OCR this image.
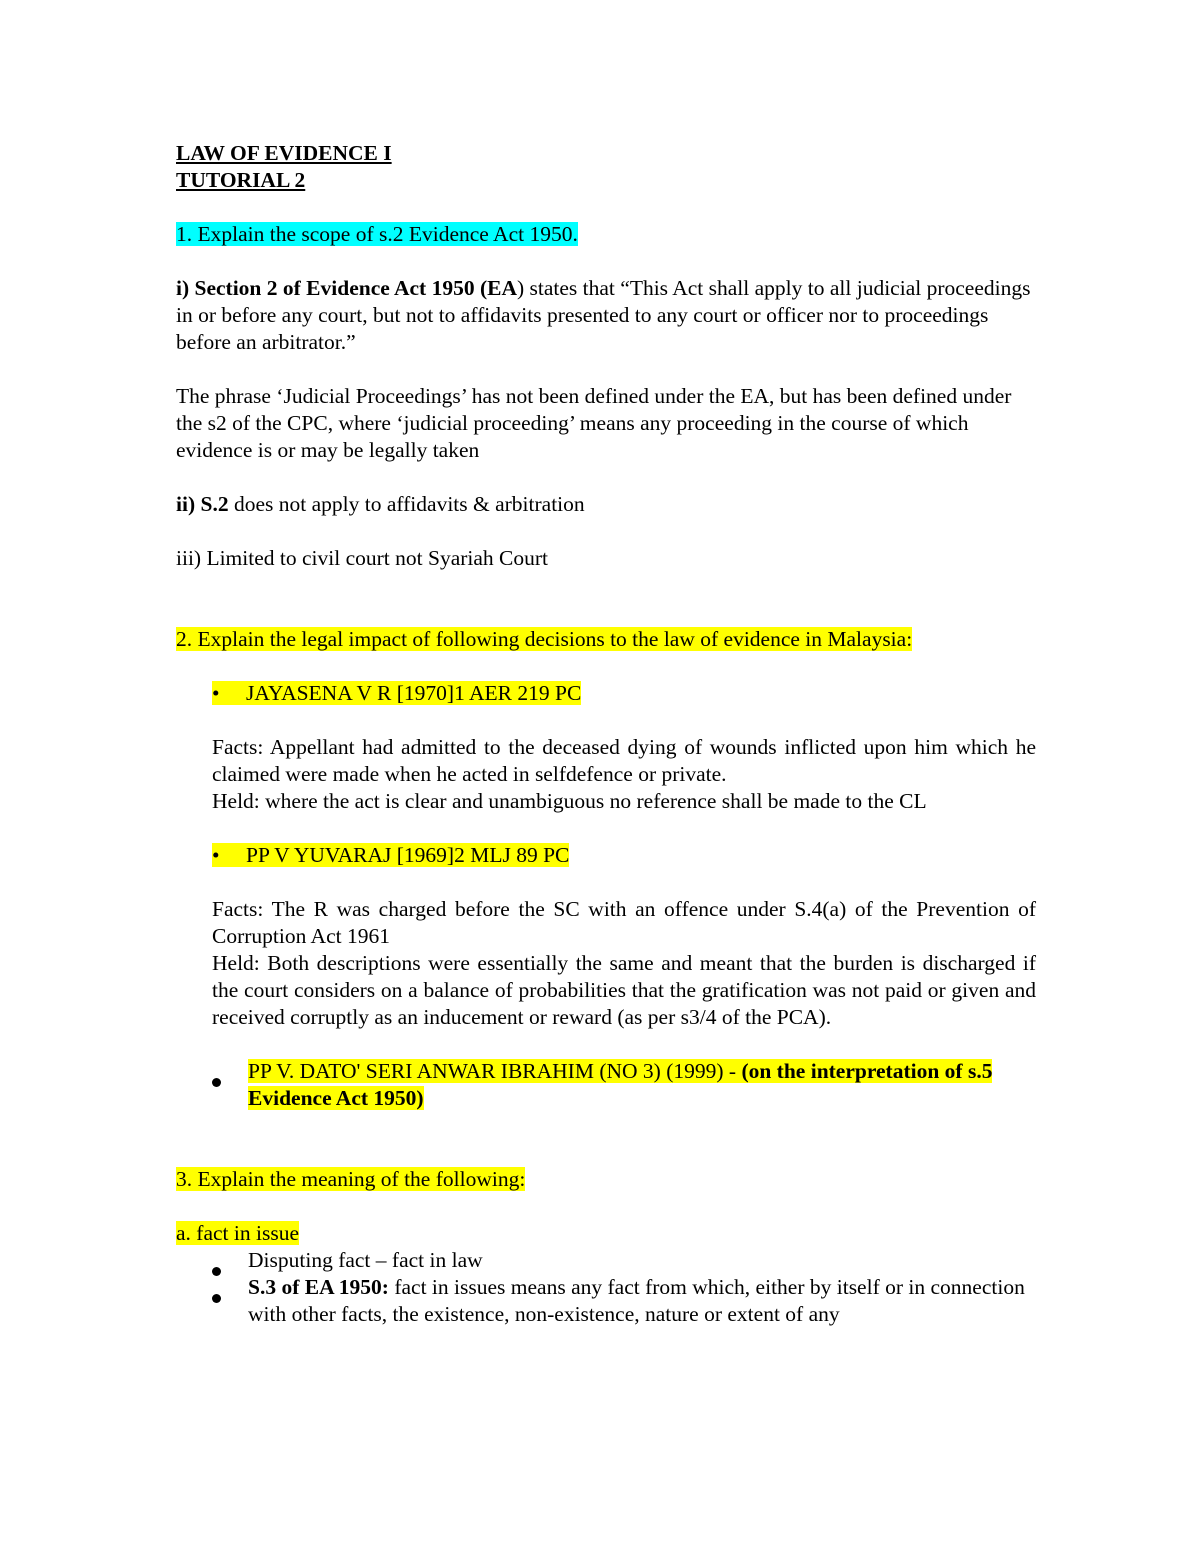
LAW OF EVIDENCE I
TUTORIAL 2

1. Explain the scope of s.2 Evidence Act 1950.

i) Section 2 of Evidence Act 1950 (EA) states that “This Act shall apply to all judicial proceedings in or before any court, but not to affidavits presented to any court or officer nor to proceedings before an arbitrator.”

The phrase ‘Judicial Proceedings’ has not been defined under the EA, but has been defined under the s2 of the CPC, where ‘judicial proceeding’ means any proceeding in the course of which evidence is or may be legally taken

ii) S.2 does not apply to affidavits & arbitration

iii) Limited to civil court not Syariah Court

2. Explain the legal impact of following decisions to the law of evidence in Malaysia:

• JAYASENA V R [1970]1 AER 219 PC

Facts: Appellant had admitted to the deceased dying of wounds inflicted upon him which he claimed were made when he acted in selfdefence or private.

Held: where the act is clear and unambiguous no reference shall be made to the CL

• PP V YUVARAJ [1969]2 MLJ 89 PC

Facts: The R was charged before the SC with an offence under S.4(a) of the Prevention of Corruption Act 1961

Held: Both descriptions were essentially the same and meant that the burden is discharged if the court considers on a balance of probabilities that the gratification was not paid or given and received corruptly as an inducement or reward (as per s3/4 of the PCA).

PP V. DATO' SERI ANWAR IBRAHIM (NO 3) (1999) - (on the interpretation of s.5 Evidence Act 1950)

3. Explain the meaning of the following:

a. fact in issue

Disputing fact – fact in law
S.3 of EA 1950: fact in issues means any fact from which, either by itself or in connection with other facts, the existence, non-existence, nature or extent of any
